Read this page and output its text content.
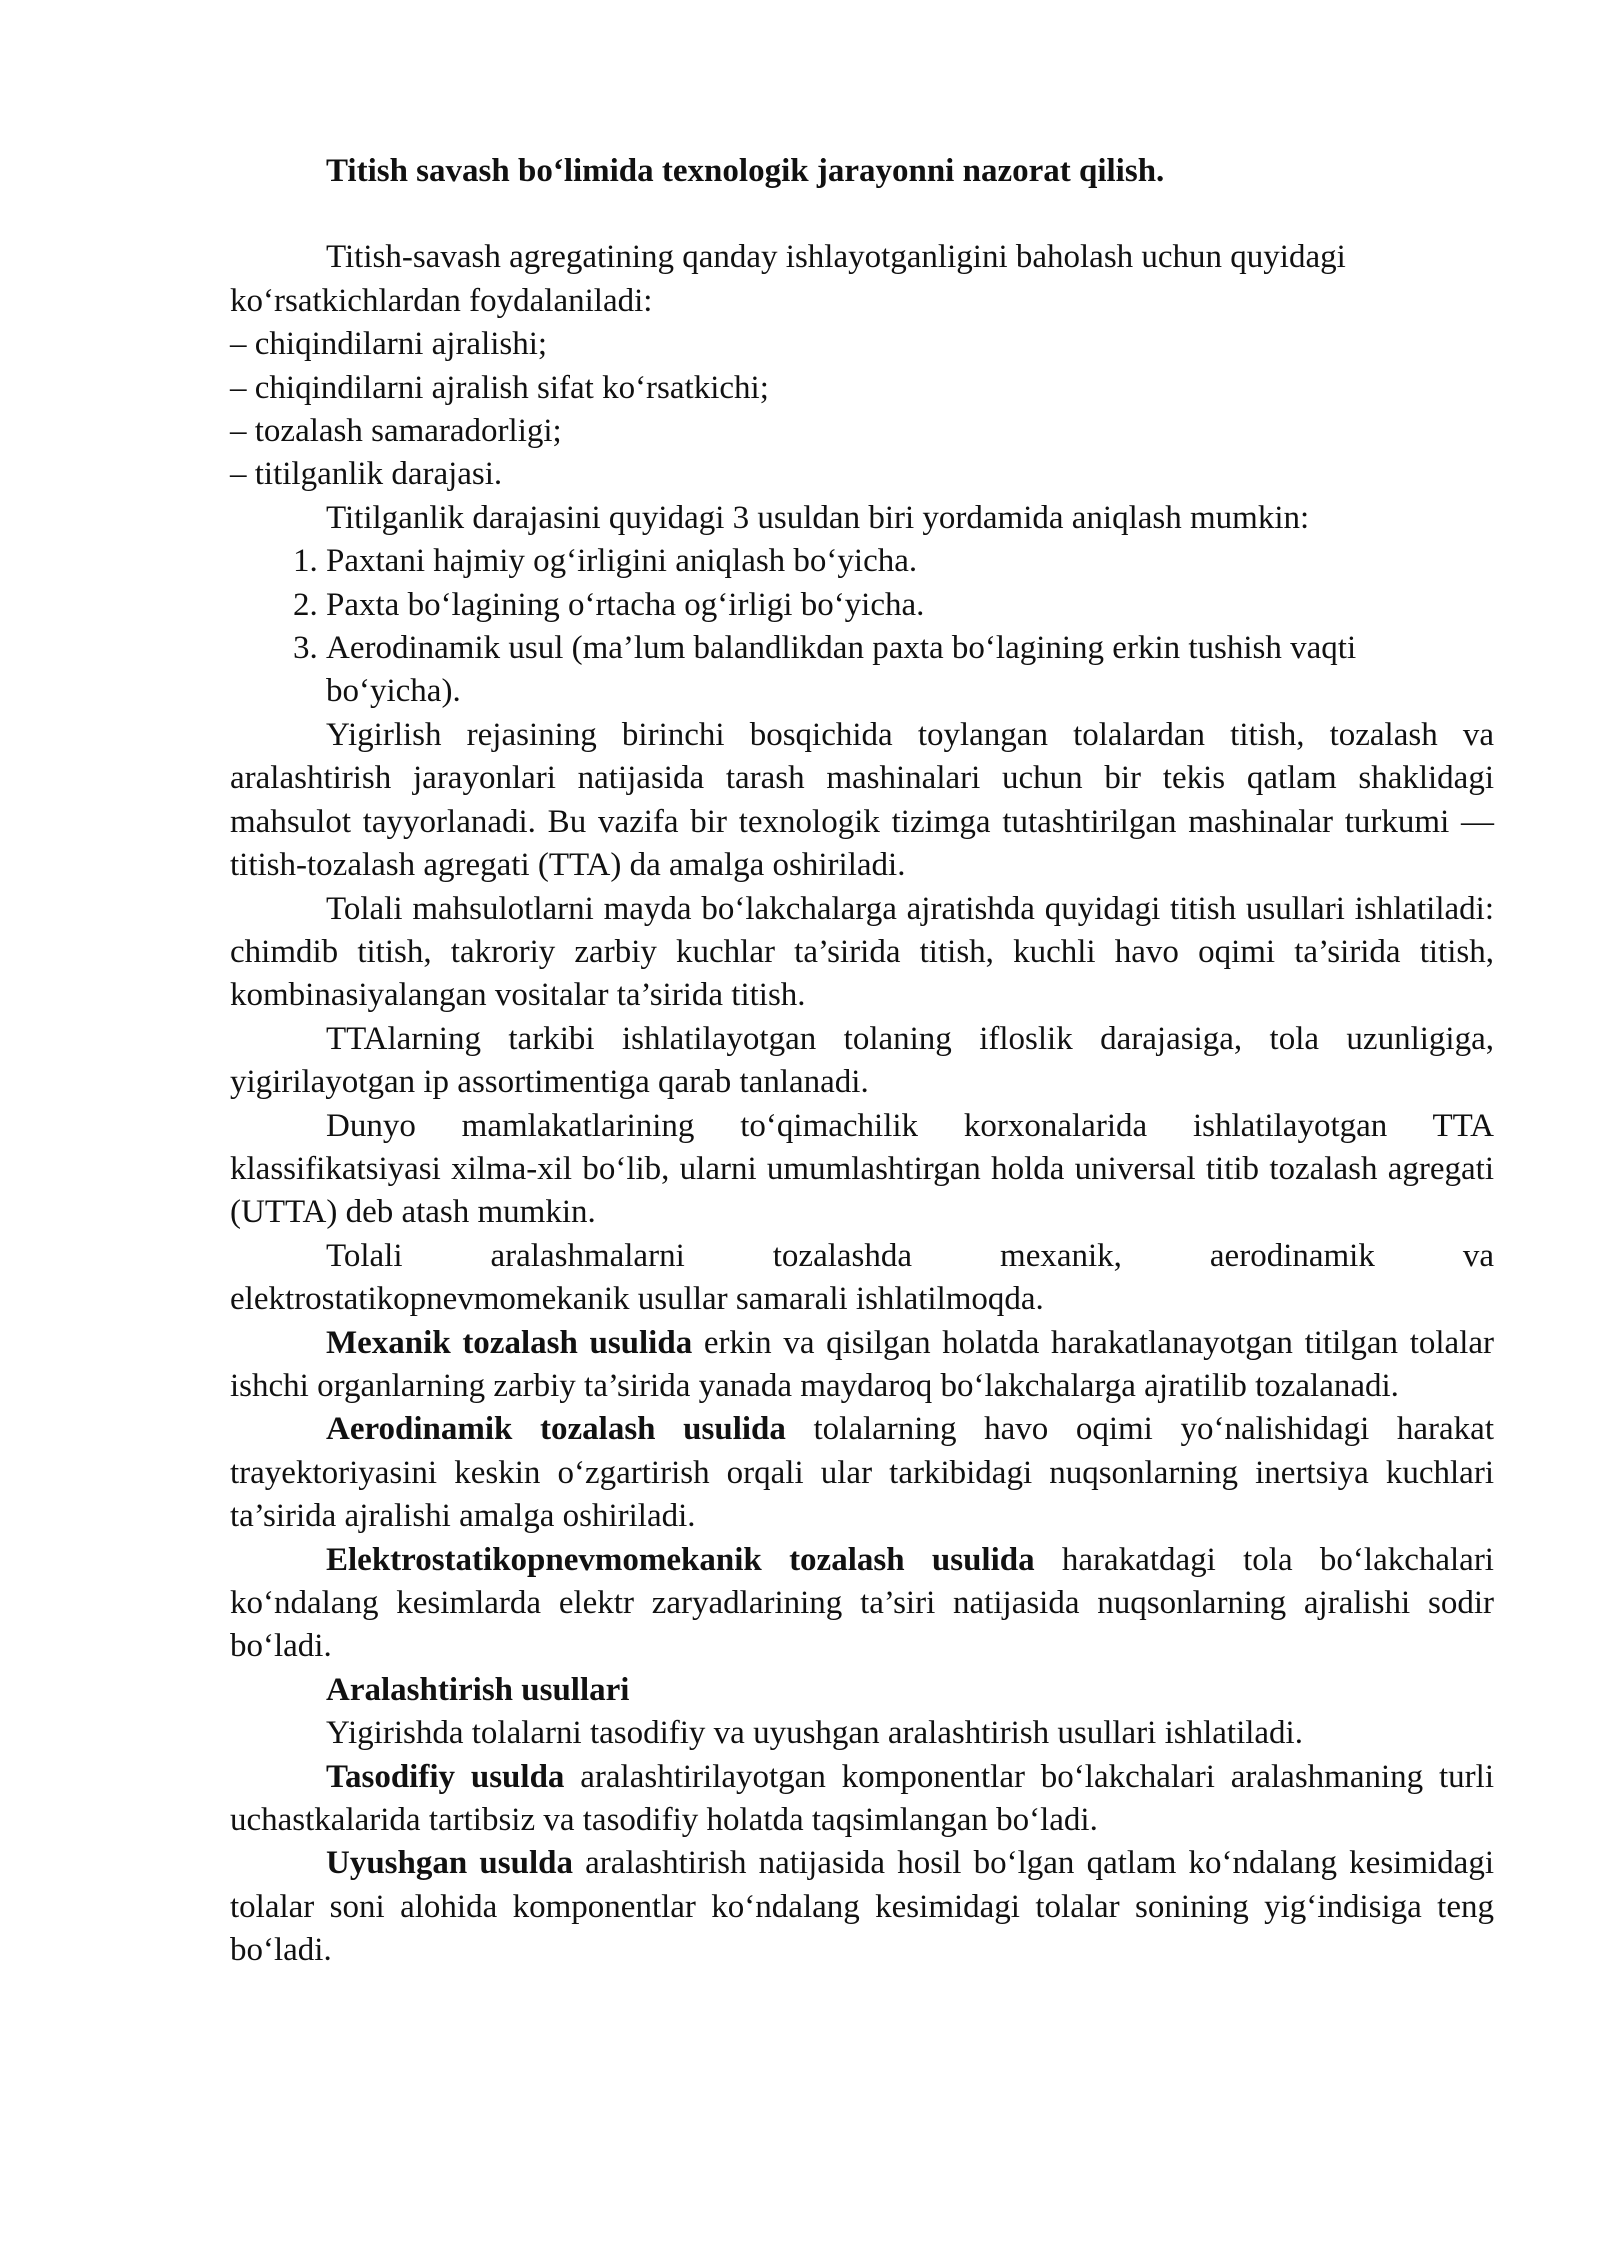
Titish savash bo‘limida texnologik jarayonni nazorat qilish.

Titish-savash agregatining qanday ishlayotganligini baholash uchun quyidagi ko‘rsatkichlardan foydalaniladi:

– chiqindilarni ajralishi;
– chiqindilarni ajralish sifat ko‘rsatkichi;
– tozalash samaradorligi;
– titilganlik darajasi.

Titilganlik darajasini quyidagi 3 usuldan biri yordamida aniqlash mumkin:

1. Paxtani hajmiy og‘irligini aniqlash bo‘yicha.
2. Paxta bo‘lagining o‘rtacha og‘irligi bo‘yicha.
3. Aerodinamik usul (ma’lum balandlikdan paxta bo‘lagining erkin tushish vaqti bo‘yicha).

Yigirlish rejasining birinchi bosqichida toylangan tolalardan titish, tozalash va aralashtirish jarayonlari natijasida tarash mashinalari uchun bir tekis qatlam shaklidagi mahsulot tayyorlanadi. Bu vazifa bir texnologik tizimga tutashtirilgan mashinalar turkumi — titish-tozalash agregati (TTA) da amalga oshiriladi.

Tolali mahsulotlarni mayda bo‘lakchalarga ajratishda quyidagi titish usullari ishlatiladi: chimdib titish, takroriy zarbiy kuchlar ta’sirida titish, kuchli havo oqimi ta’sirida titish, kombinasiyalangan vositalar ta’sirida titish.

TTAlarning tarkibi ishlatilayotgan tolaning ifloslik darajasiga, tola uzunligiga, yigirilayotgan ip assortimentiga qarab tanlanadi.

Dunyo mamlakatlarining to‘qimachilik korxonalarida ishlatilayotgan TTA klassifikatsiyasi xilma-xil bo‘lib, ularni umumlashtirgan holda universal titib tozalash agregati (UTTA) deb atash mumkin.

Tolali aralashmalarni tozalashda mexanik, aerodinamik va elektrostatikopnevmomekanik usullar samarali ishlatilmoqda.

Mexanik tozalash usulida erkin va qisilgan holatda harakatlanayotgan titilgan tolalar ishchi organlarning zarbiy ta’sirida yanada maydaroq bo‘lakchalarga ajratilib tozalanadi.

Aerodinamik tozalash usulida tolalarning havo oqimi yo‘nalishidagi harakat trayektoriyasini keskin o‘zgartirish orqali ular tarkibidagi nuqsonlarning inertsiya kuchlari ta’sirida ajralishi amalga oshiriladi.

Elektrostatikopnevmomekanik tozalash usulida harakatdagi tola bo‘lakchalari ko‘ndalang kesimlarda elektr zaryadlarining ta’siri natijasida nuqsonlarning ajralishi sodir bo‘ladi.

Aralashtirish usullari

Yigirishda tolalarni tasodifiy va uyushgan aralashtirish usullari ishlatiladi.

Tasodifiy usulda aralashtirilayotgan komponentlar bo‘lakchalari aralashmaning turli uchastkalarida tartibsiz va tasodifiy holatda taqsimlangan bo‘ladi.

Uyushgan usulda aralashtirish natijasida hosil bo‘lgan qatlam ko‘ndalang kesimidagi tolalar soni alohida komponentlar ko‘ndalang kesimidagi tolalar sonining yig‘indisiga teng bo‘ladi.
